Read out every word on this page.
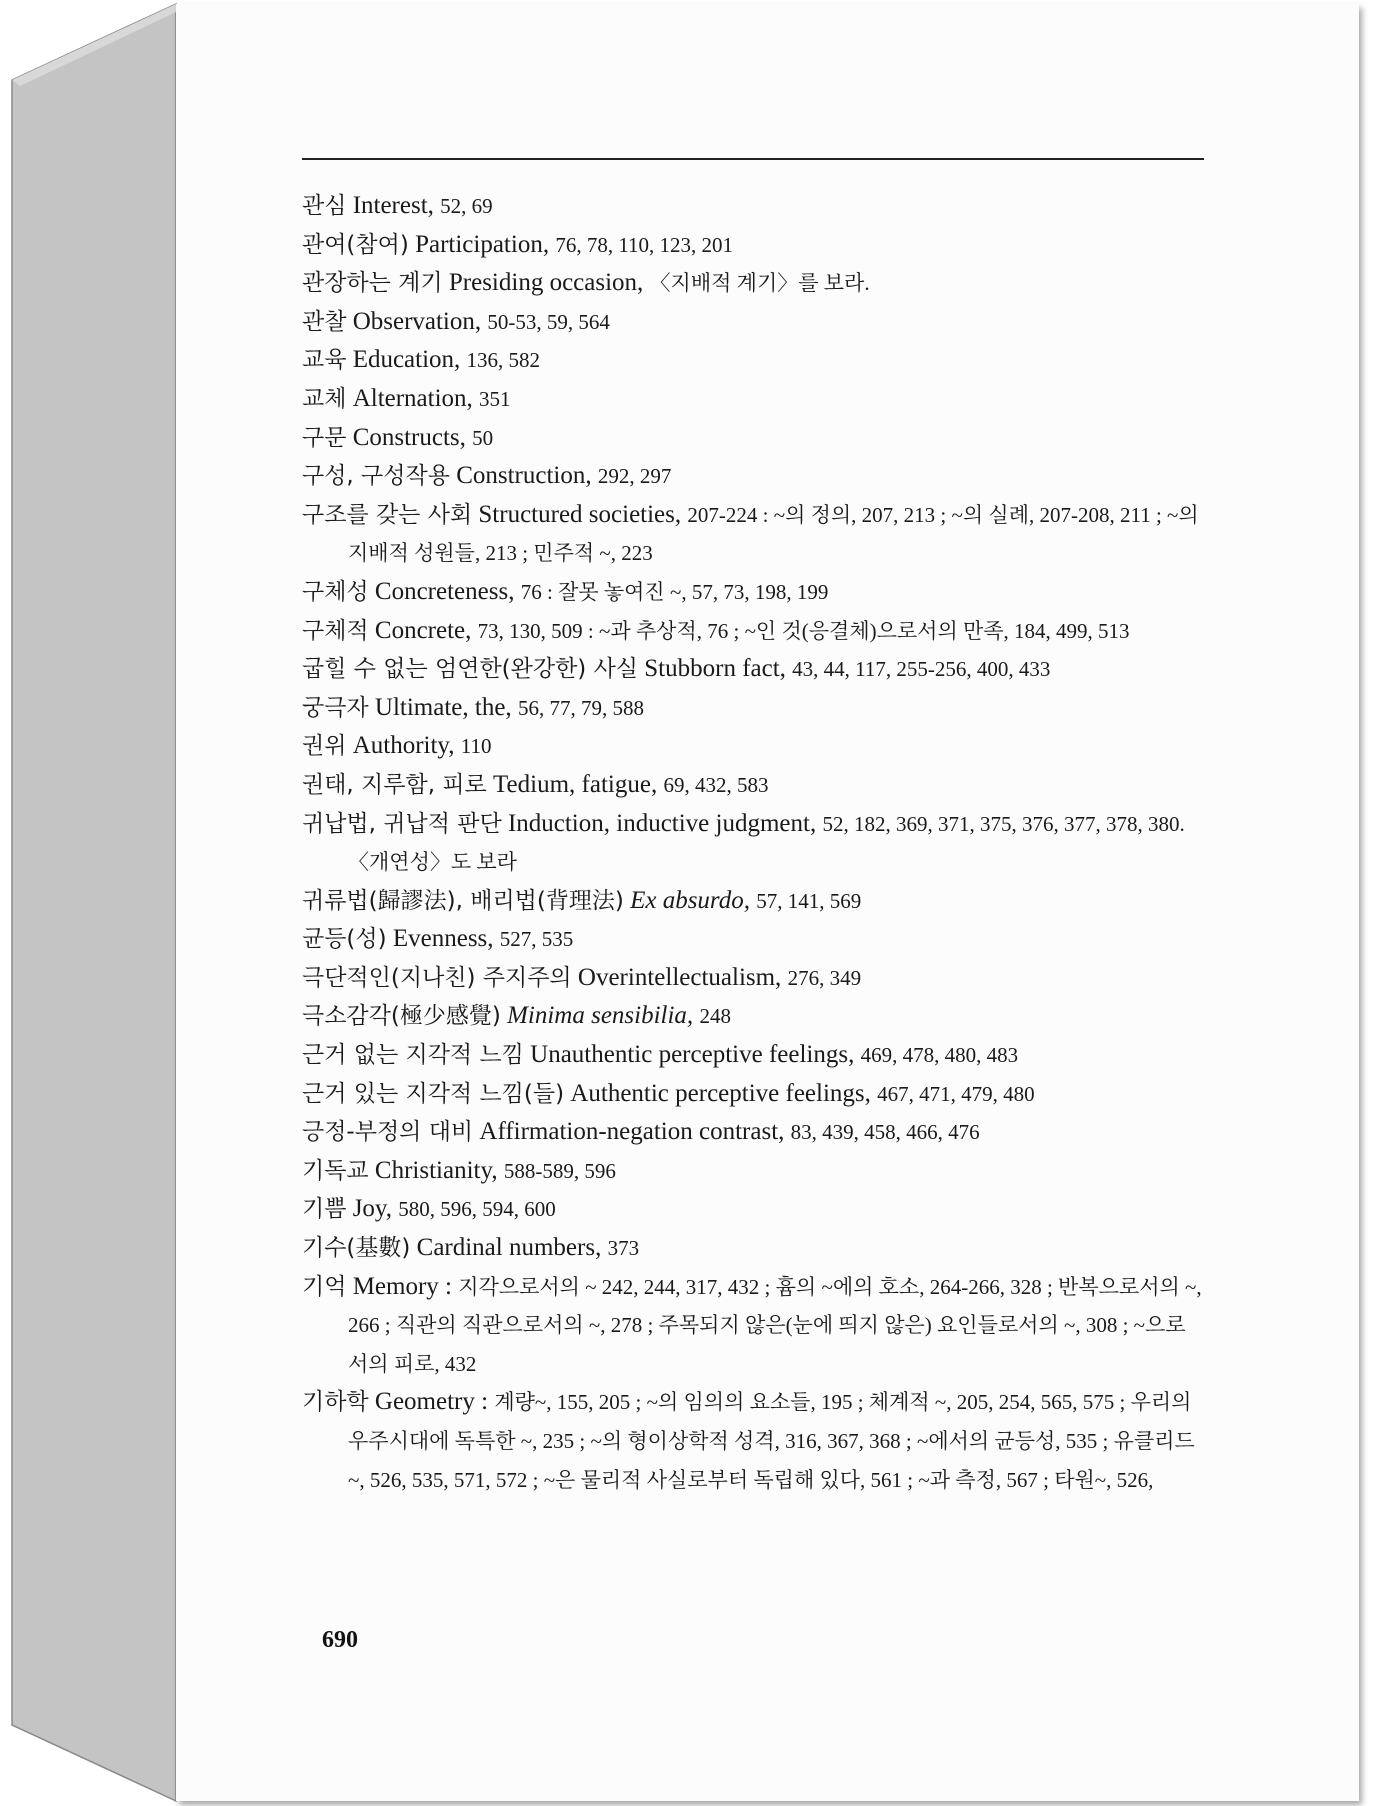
관심 Interest, 52, 69
관여(참여) Participation, 76, 78, 110, 123, 201
관장하는 계기 Presiding occasion, 〈지배적 계기〉를 보라.
관찰 Observation, 50-53, 59, 564
교육 Education, 136, 582
교체 Alternation, 351
구문 Constructs, 50
구성, 구성작용 Construction, 292, 297
구조를 갖는 사회 Structured societies, 207-224 : ~의 정의, 207, 213 ; ~의 실례, 207-208, 211 ; ~의 지배적 성원들, 213 ; 민주적 ~, 223
구체성 Concreteness, 76 : 잘못 놓여진 ~, 57, 73, 198, 199
구체적 Concrete, 73, 130, 509 : ~과 추상적, 76 ; ~인 것(응결체)으로서의 만족, 184, 499, 513
굽힐 수 없는 엄연한(완강한) 사실 Stubborn fact, 43, 44, 117, 255-256, 400, 433
궁극자 Ultimate, the, 56, 77, 79, 588
권위 Authority, 110
권태, 지루함, 피로 Tedium, fatigue, 69, 432, 583
귀납법, 귀납적 판단 Induction, inductive judgment, 52, 182, 369, 371, 375, 376, 377, 378, 380. 〈개연성〉도 보라
귀류법(歸謬法), 배리법(背理法) Ex absurdo, 57, 141, 569
균등(성) Evenness, 527, 535
극단적인(지나친) 주지주의 Overintellectualism, 276, 349
극소감각(極少感覺) Minima sensibilia, 248
근거 없는 지각적 느낌 Unauthentic perceptive feelings, 469, 478, 480, 483
근거 있는 지각적 느낌(들) Authentic perceptive feelings, 467, 471, 479, 480
긍정-부정의 대비 Affirmation-negation contrast, 83, 439, 458, 466, 476
기독교 Christianity, 588-589, 596
기쁨 Joy, 580, 596, 594, 600
기수(基數) Cardinal numbers, 373
기억 Memory : 지각으로서의 ~ 242, 244, 317, 432 ; 흄의 ~에의 호소, 264-266, 328 ; 반복으로서의 ~, 266 ; 직관의 직관으로서의 ~, 278 ; 주목되지 않은(눈에 띄지 않은) 요인들로서의 ~, 308 ; ~으로서의 피로, 432
기하학 Geometry : 계량~, 155, 205 ; ~의 임의의 요소들, 195 ; 체계적 ~, 205, 254, 565, 575 ; 우리의 우주시대에 독특한 ~, 235 ; ~의 형이상학적 성격, 316, 367, 368 ; ~에서의 균등성, 535 ; 유클리드~, 526, 535, 571, 572 ; ~은 물리적 사실로부터 독립해 있다, 561 ; ~과 측정, 567 ; 타원~, 526,
690
